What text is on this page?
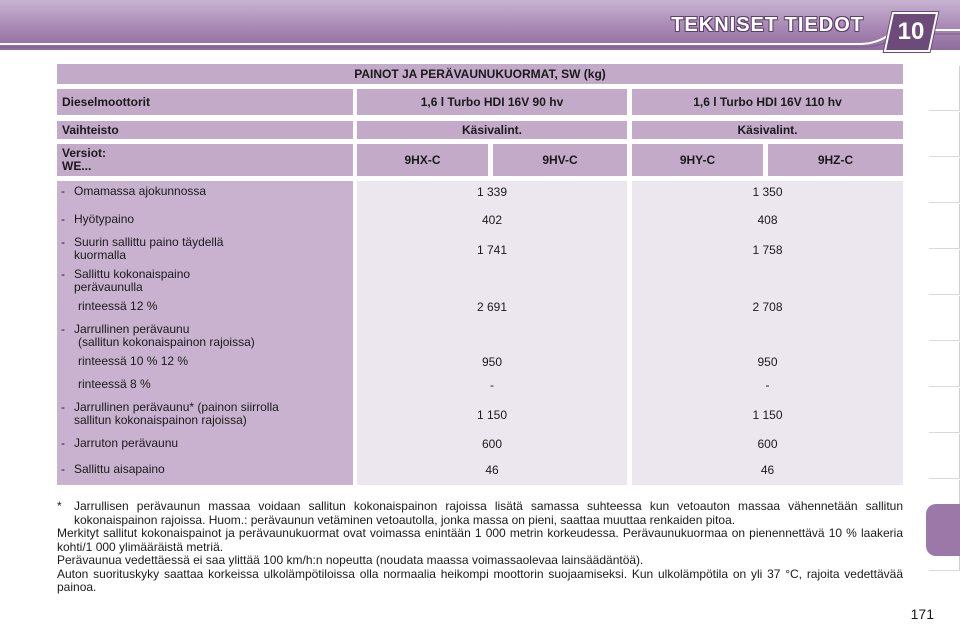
TEKNISET TIEDOT	10
PAINOT JA PERÄVAUNUKUORMAT, SW (kg)
Dieselmoottorit	1,6 l Turbo HDI 16V 90 hv	1,6 l Turbo HDI 16V 110 hv
Vaihteisto	Käsivalint.	Käsivalint.
Versiot:
WE...	9HX-C	9HV-C	9HY-C	9HZ-C
- Omamassa ajokunnossa	1 339	1 350
- Hyötypaino	402	408
- Suurin sallittu paino täydellä
kuormalla	1 741	1 758
- Sallittu kokonaispaino
perävaunulla
rinteessä 12 %	2 691	2 708
- Jarrullinen perävaunu
(sallitun kokonaispainon rajoissa)
rinteessä 10 % 12 %	950	950
rinteessä 8 %	-	-
- Jarrullinen perävaunu* (painon siirrolla
sallitun kokonaispainon rajoissa)	1 150	1 150
- Jarruton perävaunu	600	600
- Sallittu aisapaino	46	46
* Jarrullisen perävaunun massaa voidaan sallitun kokonaispainon rajoissa lisätä samassa suhteessa kun vetoauton massaa vähennetään sallitun kokonaispainon rajoissa. Huom.: perävaunun vetäminen vetoautolla, jonka massa on pieni, saattaa muuttaa renkaiden pitoa.
Merkityt sallitut kokonaispainot ja perävaunukuormat ovat voimassa enintään 1 000 metrin korkeudessa. Perävaunukuormaa on pienennettävä 10 % laakeria kohti/1 000 ylimääräistä metriä.
Perävaunua vedettäessä ei saa ylittää 100 km/h:n nopeutta (noudata maassa voimassaolevaa lainsäädäntöä).
Auton suorituskyky saattaa korkeissa ulkolämpötiloissa olla normaalia heikompi moottorin suojaamiseksi. Kun ulkolämpötila on yli 37 °C, rajoita vedettävää painoa.
171
